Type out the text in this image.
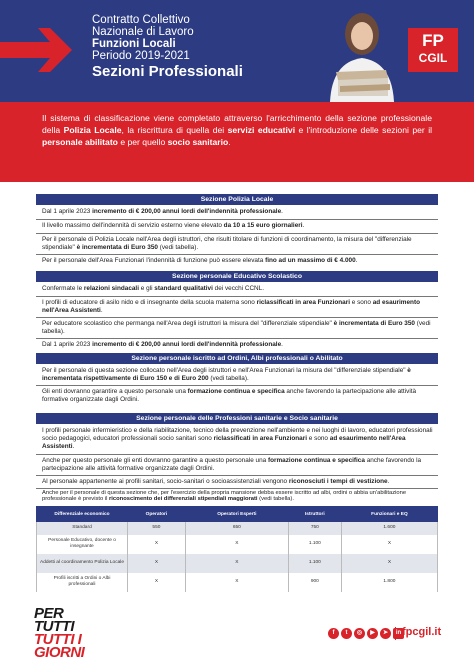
Contratto Collettivo
Nazionale di Lavoro
Funzioni Locali
Periodo 2019-2021
Sezioni Professionali
FP
CGIL
Il sistema di classificazione viene completato attraverso l'arricchimento della sezione professionale della Polizia Locale, la riscrittura di quella dei servizi educativi e l'introduzione delle sezioni per il personale abilitato e per quello socio sanitario.
Sezione Polizia Locale
Dal 1 aprile 2023 incremento di € 200,00 annui lordi dell'indennità professionale.
Il livello massimo dell'indennità di servizio esterno viene elevato da 10 a 15 euro giornalieri.
Per il personale di Polizia Locale nell'Area degli istruttori, che risulti titolare di funzioni di coordinamento, la misura del "differenziale stipendiale" è incrementata di Euro 350 (vedi tabella).
Per il personale dell'Area Funzionari l'indennità di funzione può essere elevata fino ad un massimo di € 4.000.
Sezione personale Educativo Scolastico
Confermate le relazioni sindacali e gli standard qualitativi dei vecchi CCNL.
I profili di educatore di asilo nido e di insegnante della scuola materna sono riclassificati in area Funzionari e sono ad esaurimento nell'Area Assistenti.
Per educatore scolastico che permanga nell'Area degli istruttori la misura del "differenziale stipendiale" è incrementata di Euro 350 (vedi tabella).
Dal 1 aprile 2023 incremento di € 200,00 annui lordi dell'indennità professionale.
Sezione personale iscritto ad Ordini, Albi professionali o Abilitato
Per il personale di questa sezione collocato nell'Area degli istruttori e nell'Area Funzionari la misura del "differenziale stipendiale" è incrementata rispettivamente di Euro 150 e di Euro 200 (vedi tabella).
Gli enti dovranno garantire a questo personale una formazione continua e specifica anche favorendo la partecipazione alle attività formative organizzate dagli Ordini.
Sezione personale delle Professioni sanitarie e Socio sanitarie
I profili personale infermieristico e della riabilitazione, tecnico della prevenzione nell'ambiente e nei luoghi di lavoro, educatori professionali socio pedagogici, educatori professionali socio sanitari sono riclassificati in area Funzionari e sono ad esaurimento nell'Area Assistenti.
Anche per questo personale gli enti dovranno garantire a questo personale una formazione continua e specifica anche favorendo la partecipazione alle attività formative organizzate dagli Ordini.
Al personale appartenente ai profili sanitari, socio-sanitari o socioassistenziali vengono riconosciuti i tempi di vestizione.
Anche per il personale di questa sezione che, per l'esercizio della propria mansione debba essere iscritto ad albi, ordini o abbia un'abilitazione professionale è previsto il riconoscimento dei differenziali stipendiali maggiorati (vedi tabella).
Differenziale economico	Operatori	Operatori Esperti	Istruttori	Funzionari e EQ
Standard	550	650	750	1.600
Personale Educativo, docente o insegnante	X	X	1.100	X
Addetti al coordinamento Polizia Locale	X	X	1.100	X
Profili iscritti a Ordini o Albi professionali	X	X	900	1.800
PER
TUTTI
TUTTI I
GIORNI
f	t	◎	▶	➤	in fpcgil.it
